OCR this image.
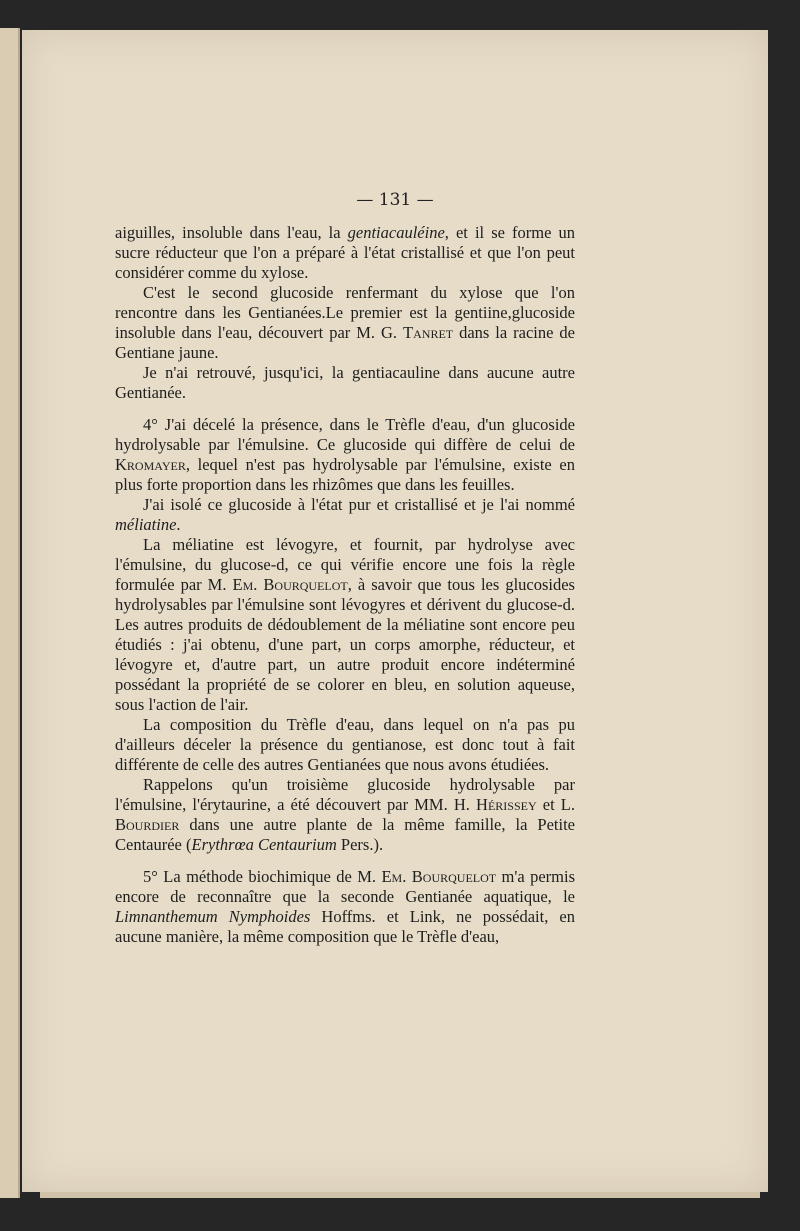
— 131 —

aiguilles, insoluble dans l'eau, la gentiacauléine, et il se forme un sucre réducteur que l'on a préparé à l'état cristallisé et que l'on peut considérer comme du xylose.

C'est le second glucoside renfermant du xylose que l'on rencontre dans les Gentianées.Le premier est la gentiine,glucoside insoluble dans l'eau, découvert par M. G. Tanret dans la racine de Gentiane jaune.

Je n'ai retrouvé, jusqu'ici, la gentiacauline dans aucune autre Gentianée.

4° J'ai décelé la présence, dans le Trèfle d'eau, d'un glucoside hydrolysable par l'émulsine. Ce glucoside qui diffère de celui de Kromayer, lequel n'est pas hydrolysable par l'émulsine, existe en plus forte proportion dans les rhizômes que dans les feuilles.

J'ai isolé ce glucoside à l'état pur et cristallisé et je l'ai nommé méliatine.

La méliatine est lévogyre, et fournit, par hydrolyse avec l'émulsine, du glucose-d, ce qui vérifie encore une fois la règle formulée par M. Em. Bourquelot, à savoir que tous les glucosides hydrolysables par l'émulsine sont lévogyres et dérivent du glucose-d. Les autres produits de dédoublement de la méliatine sont encore peu étudiés : j'ai obtenu, d'une part, un corps amorphe, réducteur, et lévogyre et, d'autre part, un autre produit encore indéterminé possédant la propriété de se colorer en bleu, en solution aqueuse, sous l'action de l'air.

La composition du Trèfle d'eau, dans lequel on n'a pas pu d'ailleurs déceler la présence du gentianose, est donc tout à fait différente de celle des autres Gentianées que nous avons étudiées.

Rappelons qu'un troisième glucoside hydrolysable par l'émulsine, l'érytaurine, a été découvert par MM. H. Hérissey et L. Bourdier dans une autre plante de la même famille, la Petite Centaurée (Erythrœa Centaurium Pers.).

5° La méthode biochimique de M. Em. Bourquelot m'a permis encore de reconnaître que la seconde Gentianée aquatique, le Limnanthemum Nymphoides Hoffms. et Link, ne possédait, en aucune manière, la même composition que le Trèfle d'eau,
